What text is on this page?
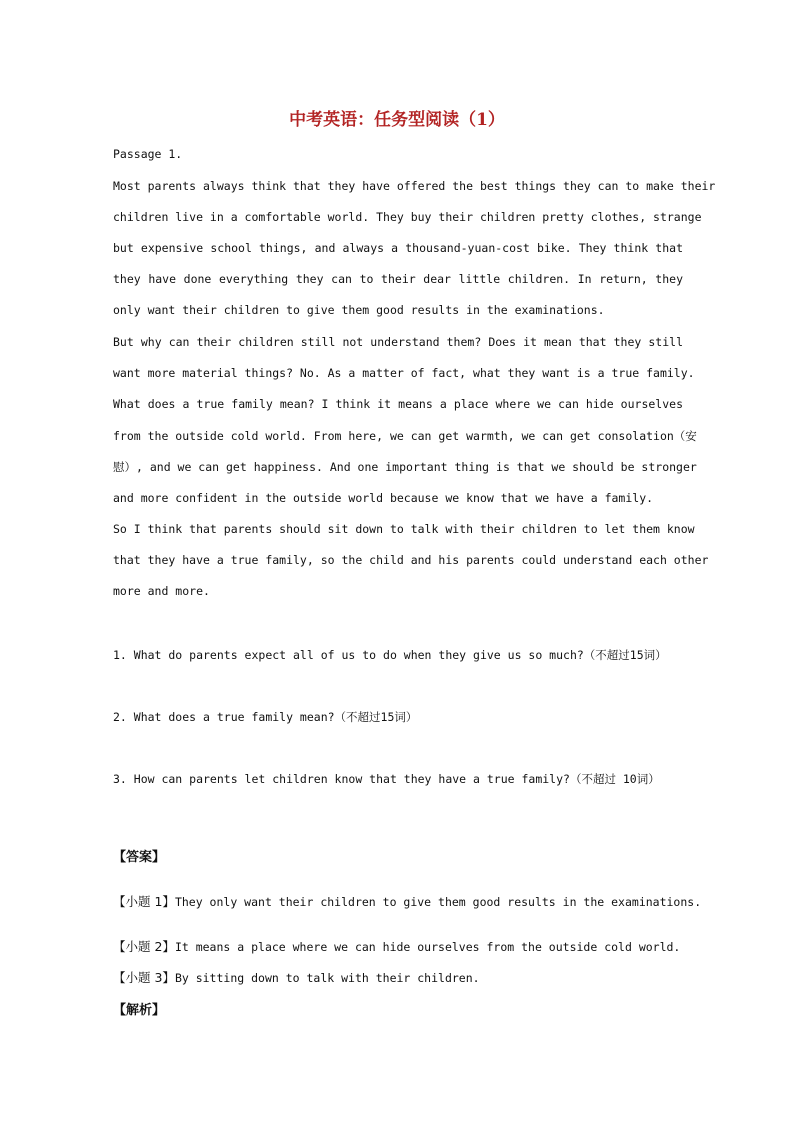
中考英语：任务型阅读（1）
Passage 1.
Most parents always think that they have offered the best things they can to make their
children live in a comfortable world. They buy their children pretty clothes, strange
but expensive school things, and always a thousand-yuan-cost bike. They think that
they have done everything they can to their dear little children. In return, they
only want their children to give them good results in the examinations.
But why can their children still not understand them? Does it mean that they still
want more material things? No. As a matter of fact, what they want is a true family.
What does a true family mean? I think it means a place where we can hide ourselves
from the outside cold world. From here, we can get warmth, we can get consolation（安
慰）, and we can get happiness. And one important thing is that we should be stronger
and more confident in the outside world because we know that we have a family.
So I think that parents should sit down to talk with their children to let them know
that they have a true family, so the child and his parents could understand each other
more and more.
1. What do parents expect all of us to do when they give us so much?（不超过15词）
2. What does a true family mean?（不超过15词）
3. How can parents let children know that they have a true family?（不超过 10词）
【答案】
【小题 1】They only want their children to give them good results in the examinations.
【小题 2】It means a place where we can hide ourselves from the outside cold world.
【小题 3】By sitting down to talk with their children.
【解析】
